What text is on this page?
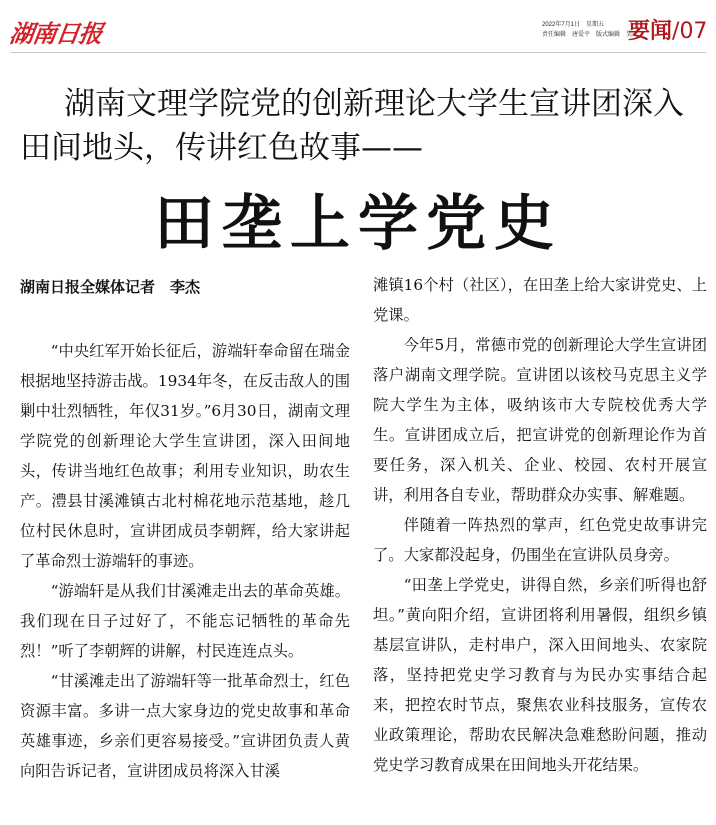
湖南日报	2022年7月1日　星期五
责任编辑　唐爱平　版式编辑　吴广
要闻/07
湖南文理学院党的创新理论大学生宣讲团深入田间地头，传讲红色故事——
田垄上学党史
湖南日报全媒体记者　李杰

“中央红军开始长征后，游端轩奉命留在瑞金根据地坚持游击战。1934年冬，在反击敌人的围剿中壮烈牺牲，年仅31岁。”6月30日，湖南文理学院党的创新理论大学生宣讲团，深入田间地头，传讲当地红色故事；利用专业知识，助农生产。澧县甘溪滩镇古北村棉花地示范基地，趁几位村民休息时，宣讲团成员李朝辉，给大家讲起了革命烈士游端轩的事迹。

“游端轩是从我们甘溪滩走出去的革命英雄。我们现在日子过好了，不能忘记牺牲的革命先烈！”听了李朝辉的讲解，村民连连点头。

“甘溪滩走出了游端轩等一批革命烈士，红色资源丰富。多讲一点大家身边的党史故事和革命英雄事迹，乡亲们更容易接受。”宣讲团负责人黄向阳告诉记者，宣讲团成员将深入甘溪

滩镇16个村（社区），在田垄上给大家讲党史、上党课。

今年5月，常德市党的创新理论大学生宣讲团落户湖南文理学院。宣讲团以该校马克思主义学院大学生为主体，吸纳该市大专院校优秀大学生。宣讲团成立后，把宣讲党的创新理论作为首要任务，深入机关、企业、校园、农村开展宣讲，利用各自专业，帮助群众办实事、解难题。

伴随着一阵热烈的掌声，红色党史故事讲完了。大家都没起身，仍围坐在宣讲队员身旁。

“田垄上学党史，讲得自然，乡亲们听得也舒坦。”黄向阳介绍，宣讲团将利用暑假，组织乡镇基层宣讲队，走村串户，深入田间地头、农家院落，坚持把党史学习教育与为民办实事结合起来，把控农时节点，聚焦农业科技服务，宣传农业政策理论，帮助农民解决急难愁盼问题，推动党史学习教育成果在田间地头开花结果。
